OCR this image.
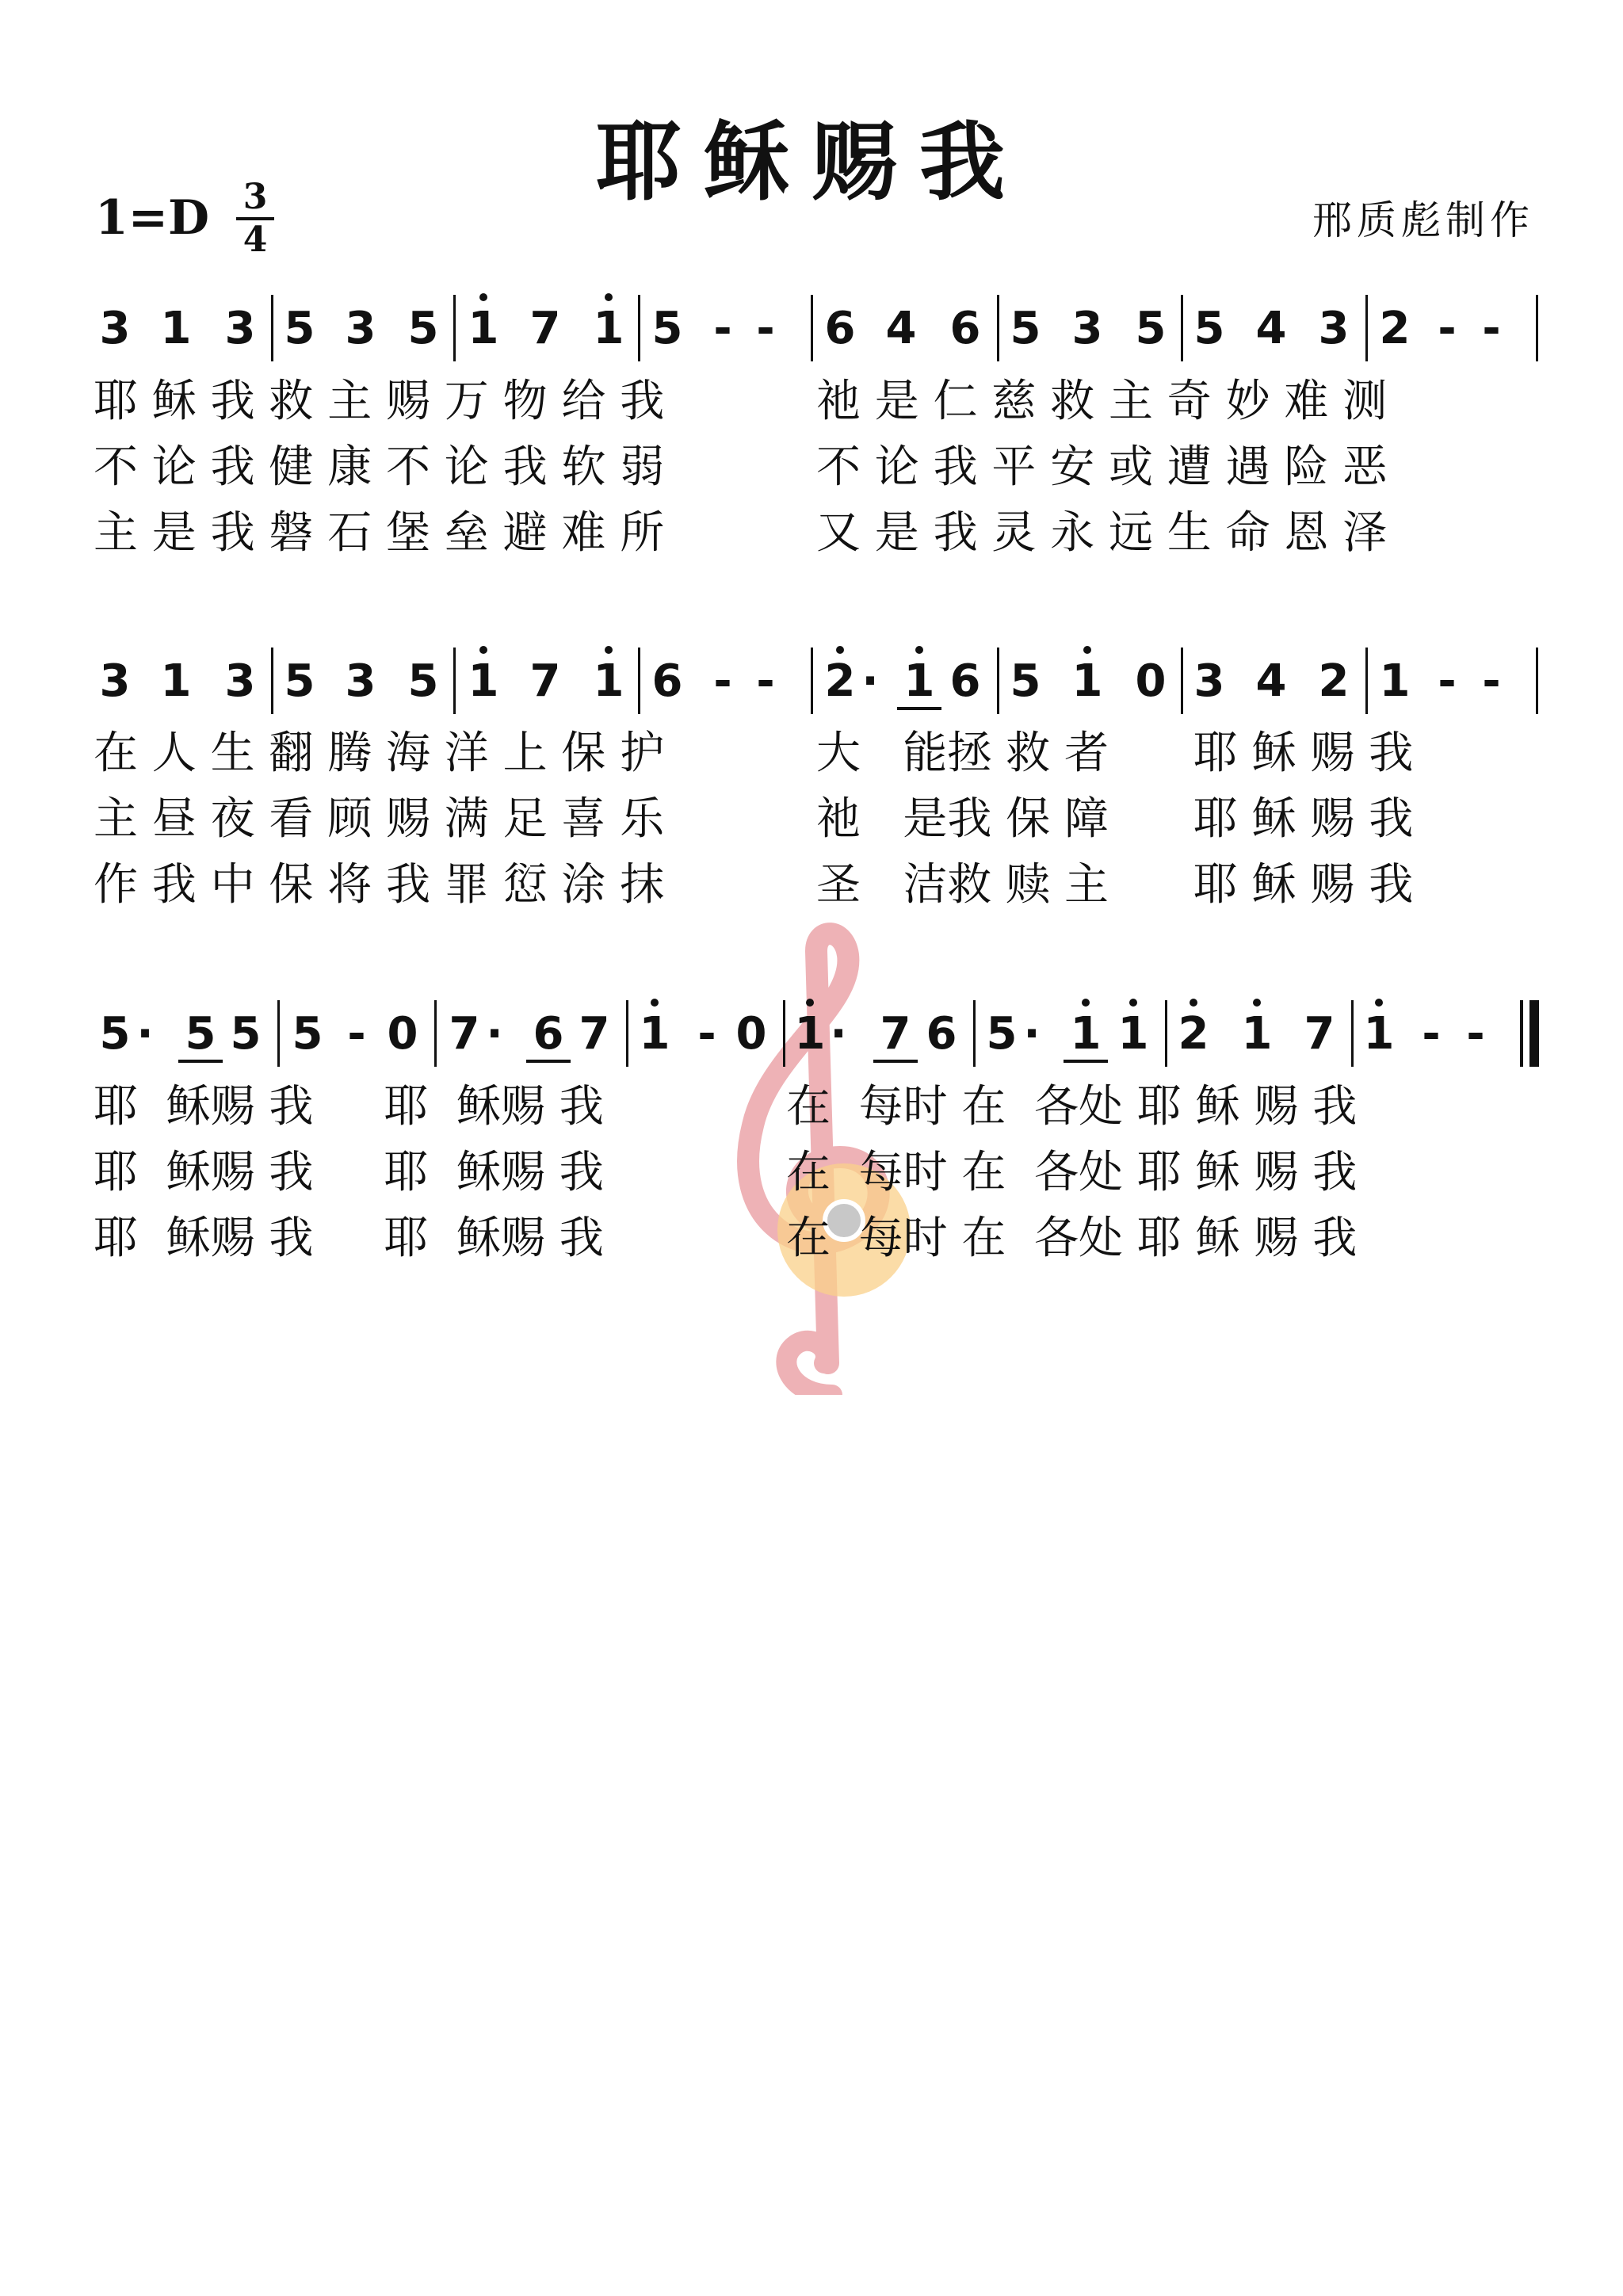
耶稣赐我
1=D 3
4	邢质彪制作
3 1 3 5 3 5 1 7 1 5 - - 6 4 6 5 3 5 5 4 3 2 - -
耶 稣 我 救 主 赐 万 物 给 我	祂 是 仁 慈 救 主 奇 妙 难 测
不 论 我 健 康 不 论 我 软 弱	不 论 我 平 安 或 遭 遇 险 恶
主 是 我 磐 石 堡 垒 避 难 所	又 是 我 灵 永 远 生 命 恩 泽
3 1 3 5 3 5 1 7 1 6 - - 2 · 1 6 5 1 0 3 4 2 1 - -
在 人 生 翻 腾 海 洋 上 保 护	大   能拯 救 者      耶 稣 赐 我
主 昼 夜 看 顾 赐 满 足 喜 乐	祂   是我 保 障      耶 稣 赐 我
作 我 中 保 将 我 罪 愆 涂 抹	圣   洁救 赎 主      耶 稣 赐 我
5 · 5 5 5 - 0 7 · 6 7 1 - 0 1 · 7 6 5 · 1 1 2 1 7 1 - -
耶  稣赐 我     耶  稣赐 我	在  每时 在  各处 耶 稣 赐 我
耶  稣赐 我     耶  稣赐 我	在  每时 在  各处 耶 稣 赐 我
耶  稣赐 我     耶  稣赐 我	在  每时 在  各处 耶 稣 赐 我
